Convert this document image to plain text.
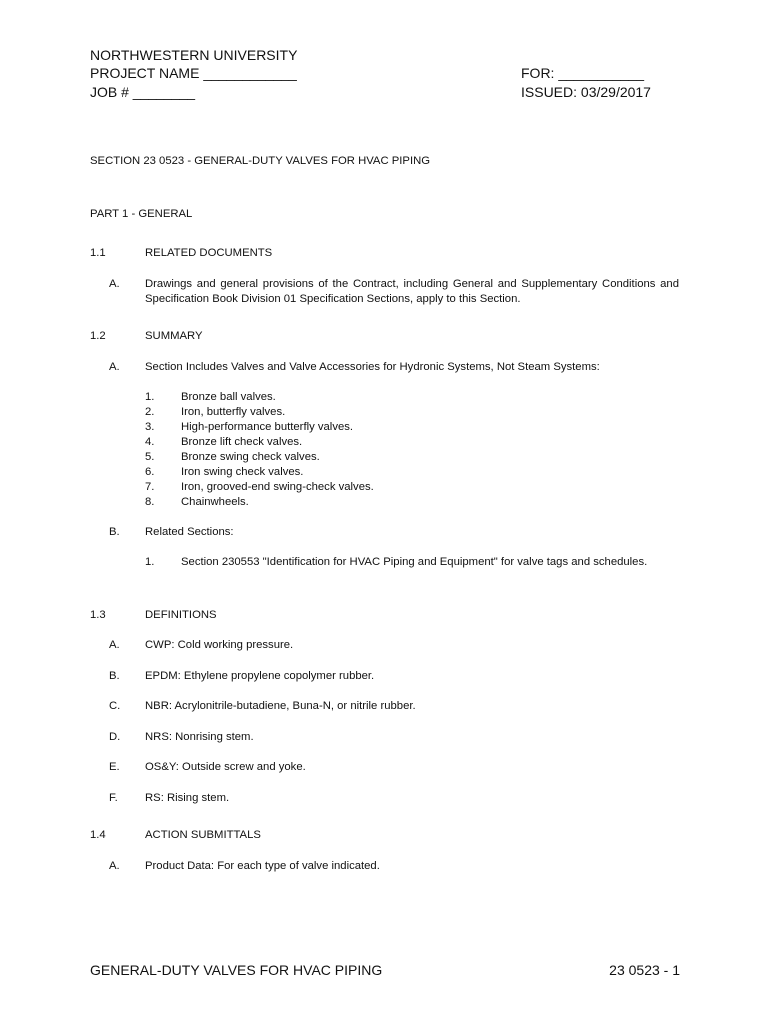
NORTHWESTERN UNIVERSITY
PROJECT NAME ____________
JOB # ________
FOR: ___________
ISSUED: 03/29/2017
SECTION 23 0523 - GENERAL-DUTY VALVES FOR HVAC PIPING
PART 1 - GENERAL
1.1	RELATED DOCUMENTS
A. Drawings and general provisions of the Contract, including General and Supplementary Conditions and Specification Book Division 01 Specification Sections, apply to this Section.
1.2	SUMMARY
A. Section Includes Valves and Valve Accessories for Hydronic Systems, Not Steam Systems:
1. Bronze ball valves.
2. Iron, butterfly valves.
3. High-performance butterfly valves.
4. Bronze lift check valves.
5. Bronze swing check valves.
6. Iron swing check valves.
7. Iron, grooved-end swing-check valves.
8. Chainwheels.
B. Related Sections:
1. Section 230553 "Identification for HVAC Piping and Equipment" for valve tags and schedules.
1.3	DEFINITIONS
A. CWP: Cold working pressure.
B. EPDM: Ethylene propylene copolymer rubber.
C. NBR: Acrylonitrile-butadiene, Buna-N, or nitrile rubber.
D. NRS: Nonrising stem.
E. OS&Y: Outside screw and yoke.
F. RS: Rising stem.
1.4	ACTION SUBMITTALS
A. Product Data: For each type of valve indicated.
GENERAL-DUTY VALVES FOR HVAC PIPING	23 0523 - 1
